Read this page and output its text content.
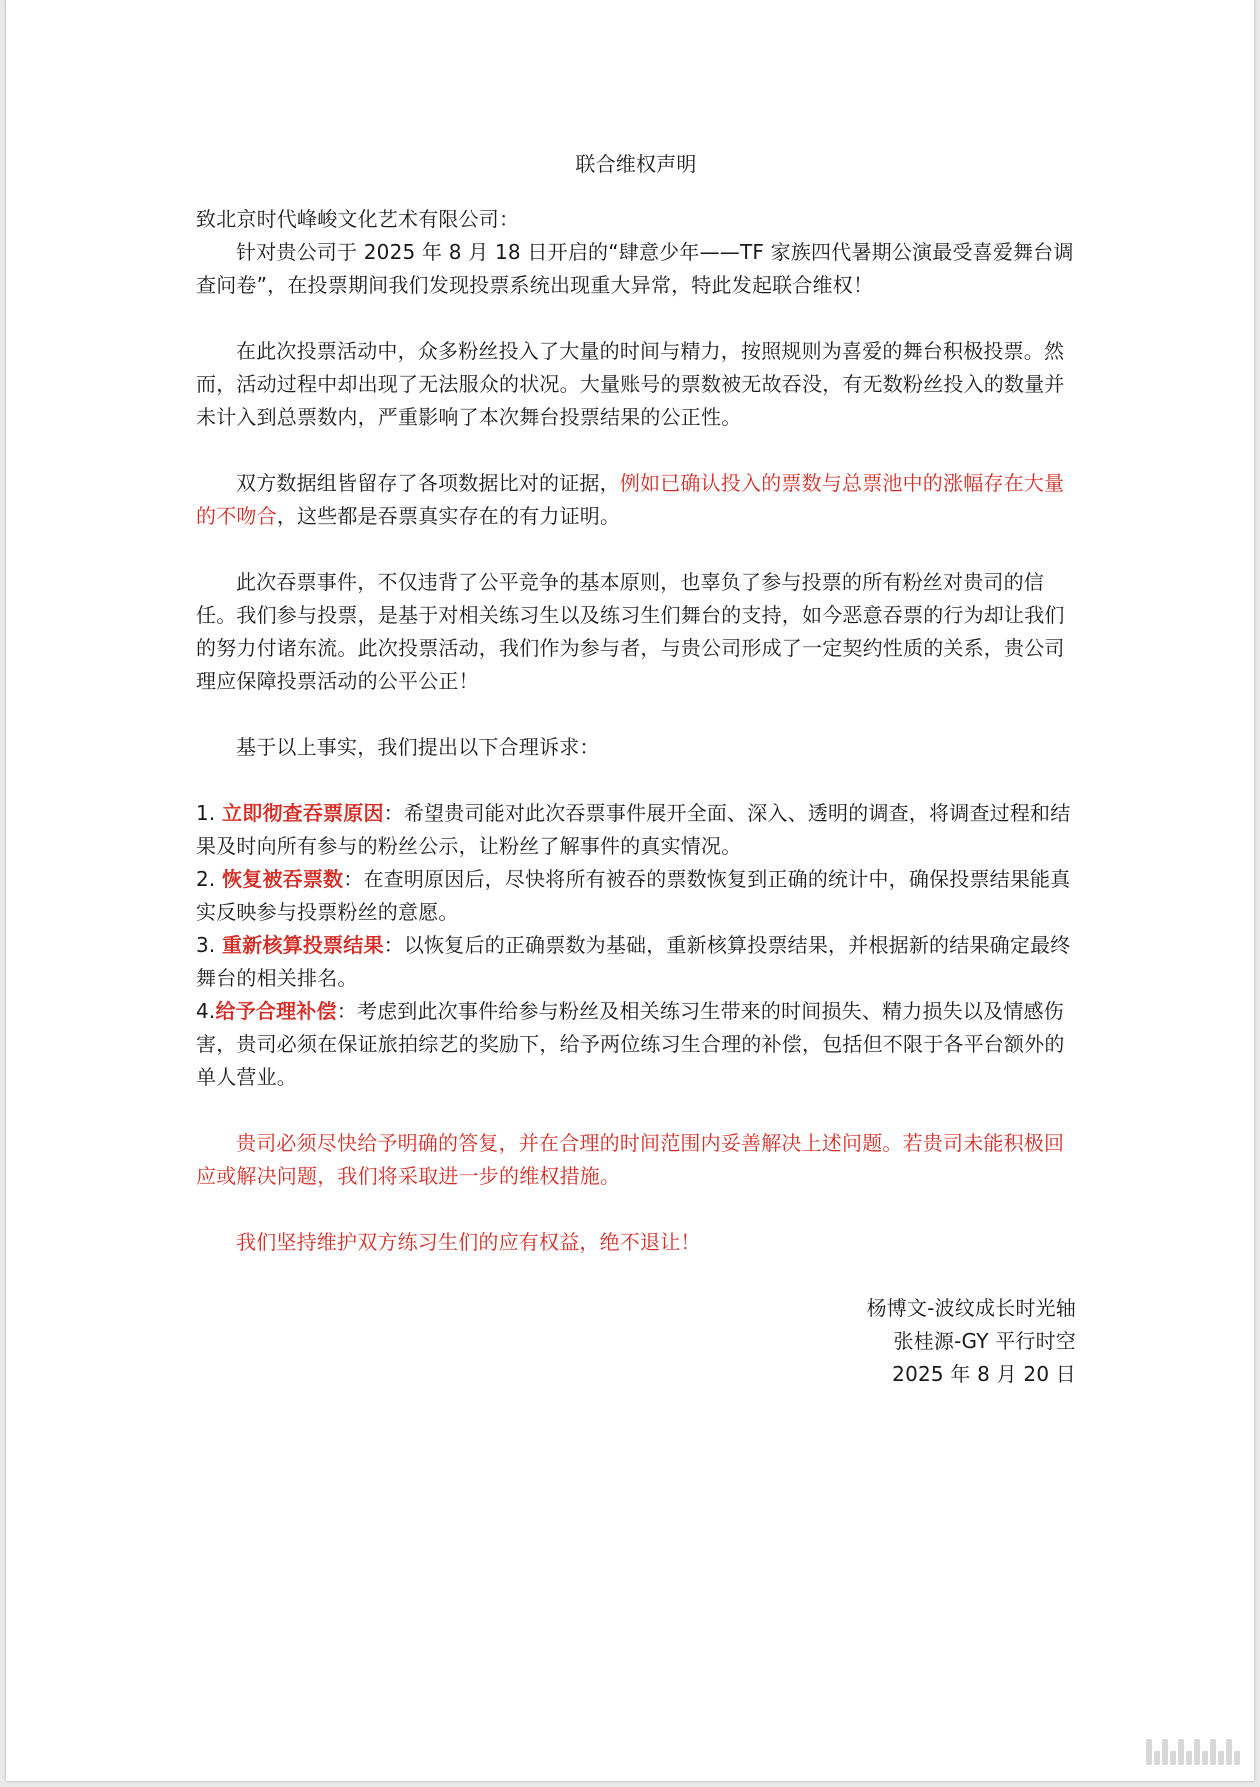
联合维权声明

致北京时代峰峻文化艺术有限公司：

针对贵公司于 2025 年 8 月 18 日开启的“肆意少年——TF 家族四代暑期公演最受喜爱舞台调查问卷”，在投票期间我们发现投票系统出现重大异常，特此发起联合维权！

在此次投票活动中，众多粉丝投入了大量的时间与精力，按照规则为喜爱的舞台积极投票。然而，活动过程中却出现了无法服众的状况。大量账号的票数被无故吞没，有无数粉丝投入的数量并未计入到总票数内，严重影响了本次舞台投票结果的公正性。

双方数据组皆留存了各项数据比对的证据，例如已确认投入的票数与总票池中的涨幅存在大量的不吻合，这些都是吞票真实存在的有力证明。

此次吞票事件，不仅违背了公平竞争的基本原则，也辜负了参与投票的所有粉丝对贵司的信任。我们参与投票，是基于对相关练习生以及练习生们舞台的支持，如今恶意吞票的行为却让我们的努力付诸东流。此次投票活动，我们作为参与者，与贵公司形成了一定契约性质的关系，贵公司理应保障投票活动的公平公正！

基于以上事实，我们提出以下合理诉求：

1. 立即彻查吞票原因：希望贵司能对此次吞票事件展开全面、深入、透明的调查，将调查过程和结果及时向所有参与的粉丝公示，让粉丝了解事件的真实情况。

2. 恢复被吞票数：在查明原因后，尽快将所有被吞的票数恢复到正确的统计中，确保投票结果能真实反映参与投票粉丝的意愿。

3. 重新核算投票结果：以恢复后的正确票数为基础，重新核算投票结果，并根据新的结果确定最终舞台的相关排名。

4.给予合理补偿：考虑到此次事件给参与粉丝及相关练习生带来的时间损失、精力损失以及情感伤害，贵司必须在保证旅拍综艺的奖励下，给予两位练习生合理的补偿，包括但不限于各平台额外的单人营业。

贵司必须尽快给予明确的答复，并在合理的时间范围内妥善解决上述问题。若贵司未能积极回应或解决问题，我们将采取进一步的维权措施。

我们坚持维护双方练习生们的应有权益，绝不退让！

杨博文-波纹成长时光轴
张桂源-GY 平行时空
2025 年 8 月 20 日
